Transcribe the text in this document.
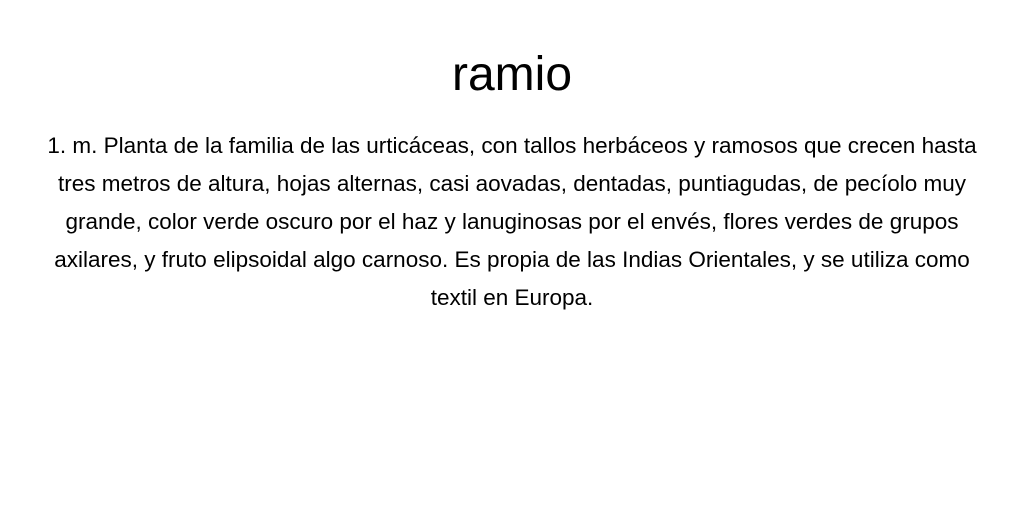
ramio

1. m. Planta de la familia de las urticáceas, con tallos herbáceos y ramosos que crecen hasta tres metros de altura, hojas alternas, casi aovadas, dentadas, puntiagudas, de pecíolo muy grande, color verde oscuro por el haz y lanuginosas por el envés, flores verdes de grupos axilares, y fruto elipsoidal algo carnoso. Es propia de las Indias Orientales, y se utiliza como textil en Europa.
